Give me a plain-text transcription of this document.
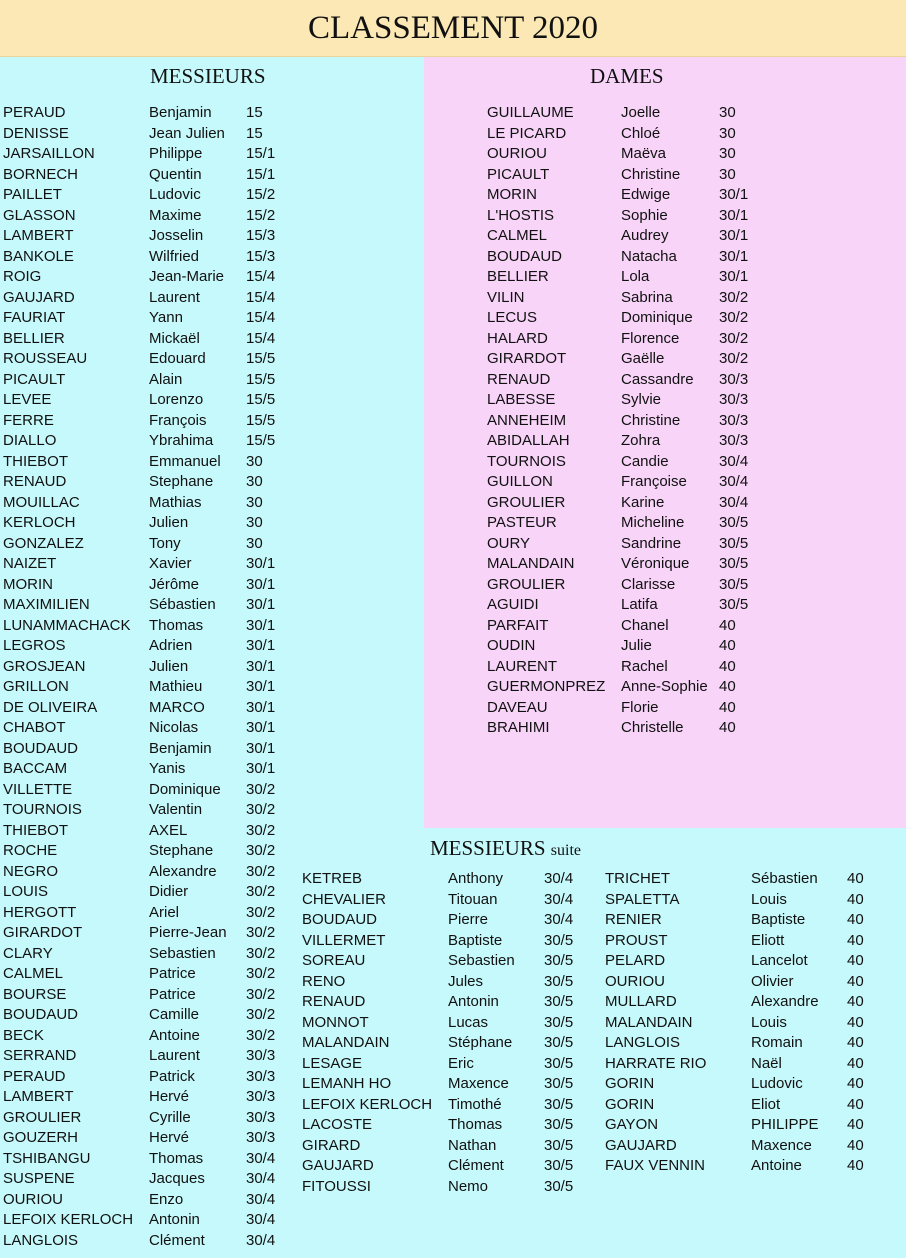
CLASSEMENT 2020
MESSIEURS	DAMES
MESSIEURS suite
PERAUD	Benjamin 15
DENISSE	Jean Julien 15
JARSAILLON	Philippe	15/1
BORNECH	Quentin	15/1
PAILLET	Ludovic	15/2
GLASSON	Maxime	15/2
LAMBERT	Josselin	15/3
BANKOLE	Wilfried	15/3
ROIG	Jean-Marie 15/4
GAUJARD	Laurent	15/4
FAURIAT	Yann	15/4
BELLIER	Mickaël	15/4
ROUSSEAU	Edouard	15/5
PICAULT	Alain	15/5
LEVEE	Lorenzo	15/5
FERRE	François	15/5
DIALLO	Ybrahima 15/5
THIEBOT	Emmanuel 30
RENAUD	Stephane 30
MOUILLAC	Mathias	30
KERLOCH	Julien	30
GONZALEZ	Tony	30
NAIZET	Xavier	30/1
MORIN	Jérôme	30/1
MAXIMILIEN	Sébastien 30/1
LUNAMMACHACK Thomas	30/1
LEGROS	Adrien	30/1
GROSJEAN	Julien	30/1
GRILLON	Mathieu	30/1
DE OLIVEIRA	MARCO	30/1
CHABOT	Nicolas	30/1
BOUDAUD	Benjamin 30/1
BACCAM	Yanis	30/1
VILLETTE	Dominique 30/2
TOURNOIS	Valentin	30/2
THIEBOT	AXEL	30/2
ROCHE	Stephane 30/2
NEGRO	Alexandre 30/2
LOUIS	Didier	30/2
HERGOTT	Ariel	30/2
GIRARDOT	Pierre-Jean 30/2
CLARY	Sebastien 30/2
CALMEL	Patrice	30/2
BOURSE	Patrice	30/2
BOUDAUD	Camille	30/2
BECK	Antoine	30/2
SERRAND	Laurent	30/3
PERAUD	Patrick	30/3
LAMBERT	Hervé	30/3
GROULIER	Cyrille	30/3
GOUZERH	Hervé	30/3
TSHIBANGU	Thomas	30/4
SUSPENE	Jacques	30/4
OURIOU	Enzo	30/4
LEFOIX KERLOCH Antonin	30/4
LANGLOIS	Clément	30/4
GUILLAUME	Joelle	30
LE PICARD	Chloé	30
OURIOU	Maëva	30
PICAULT	Christine	30
MORIN	Edwige	30/1
L'HOSTIS	Sophie	30/1
CALMEL	Audrey	30/1
BOUDAUD	Natacha	30/1
BELLIER	Lola	30/1
VILIN	Sabrina	30/2
LECUS	Dominique 30/2
HALARD	Florence	30/2
GIRARDOT	Gaëlle	30/2
RENAUD	Cassandre 30/3
LABESSE	Sylvie	30/3
ANNEHEIM	Christine	30/3
ABIDALLAH	Zohra	30/3
TOURNOIS	Candie	30/4
GUILLON	Françoise 30/4
GROULIER	Karine	30/4
PASTEUR	Micheline 30/5
OURY	Sandrine	30/5
MALANDAIN	Véronique 30/5
GROULIER	Clarisse	30/5
AGUIDI	Latifa	30/5
PARFAIT	Chanel	40
OUDIN	Julie	40
LAURENT	Rachel	40
GUERMONPREZ Anne-Sophie 40
DAVEAU	Florie	40
BRAHIMI	Christelle 40
KETREB	Anthony	30/4
CHEVALIER	Titouan	30/4
BOUDAUD	Pierre	30/4
VILLERMET	Baptiste	30/5
SOREAU	Sebastien 30/5
RENO	Jules	30/5
RENAUD	Antonin	30/5
MONNOT	Lucas	30/5
MALANDAIN	Stéphane 30/5
LESAGE	Eric	30/5
LEMANH HO	Maxence 30/5
LEFOIX KERLOCH Timothé	30/5
LACOSTE	Thomas	30/5
GIRARD	Nathan	30/5
GAUJARD	Clément	30/5
FITOUSSI	Nemo	30/5
TRICHET	Sébastien 40
SPALETTA	Louis	40
RENIER	Baptiste	40
PROUST	Eliott	40
PELARD	Lancelot	40
OURIOU	Olivier	40
MULLARD	Alexandre 40
MALANDAIN	Louis	40
LANGLOIS	Romain	40
HARRATE RIO	Naël	40
GORIN	Ludovic	40
GORIN	Eliot	40
GAYON	PHILIPPE 40
GAUJARD	Maxence 40
FAUX VENNIN	Antoine	40
